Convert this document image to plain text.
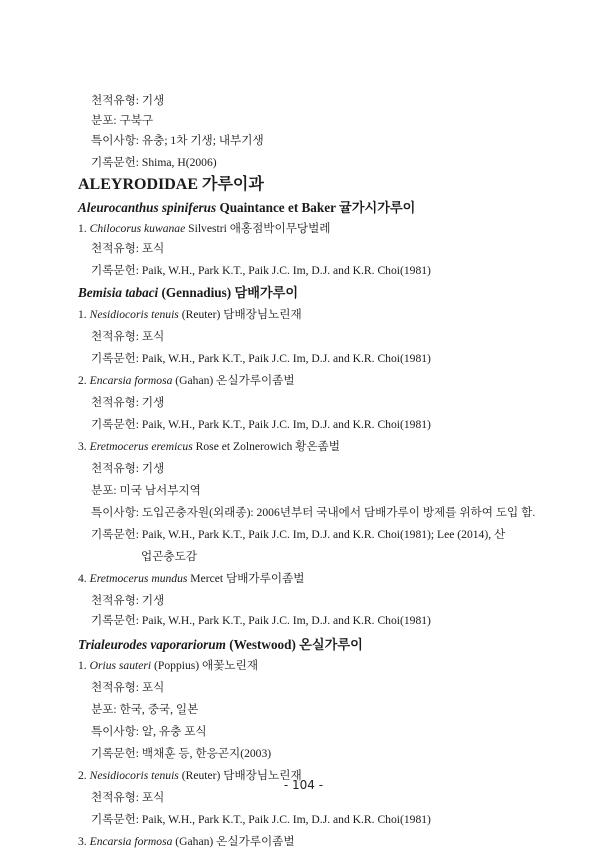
천적유형: 기생
분포: 구북구
특이사항: 유충; 1차 기생; 내부기생
기록문헌: Shima, H(2006)
ALEYRODIDAE 가루이과
Aleurocanthus spiniferus Quaintance et Baker 귤가시가루이
1. Chilocorus kuwanae Silvestri 애홍점박이무당벌레
천적유형: 포식
기록문헌: Paik, W.H., Park K.T., Paik J.C. Im, D.J. and K.R. Choi(1981)
Bemisia tabaci (Gennadius) 담배가루이
1. Nesidiocoris tenuis (Reuter) 담배장님노린재
천적유형: 포식
기록문헌: Paik, W.H., Park K.T., Paik J.C. Im, D.J. and K.R. Choi(1981)
2. Encarsia formosa (Gahan) 온실가루이좀벌
천적유형: 기생
기록문헌: Paik, W.H., Park K.T., Paik J.C. Im, D.J. and K.R. Choi(1981)
3. Eretmocerus eremicus Rose et Zolnerowich 황온좀벌
천적유형: 기생
분포: 미국 남서부지역
특이사항: 도입곤충자원(외래종): 2006년부터 국내에서 담배가루이 방제를 위하여 도입 함.
기록문헌: Paik, W.H., Park K.T., Paik J.C. Im, D.J. and K.R. Choi(1981); Lee (2014), 산
업곤충도감
4. Eretmocerus mundus Mercet 담배가루이좀벌
천적유형: 기생
기록문헌: Paik, W.H., Park K.T., Paik J.C. Im, D.J. and K.R. Choi(1981)
Trialeurodes vaporariorum (Westwood) 온실가루이
1. Orius sauteri (Poppius) 애꽃노린재
천적유형: 포식
분포: 한국, 중국, 일본
특이사항: 알, 유충 포식
기록문헌: 백채훈 등, 한응곤지(2003)
2. Nesidiocoris tenuis (Reuter) 담배장님노린재
천적유형: 포식
기록문헌: Paik, W.H., Park K.T., Paik J.C. Im, D.J. and K.R. Choi(1981)
3. Encarsia formosa (Gahan) 온실가루이좀벌
- 104 -
